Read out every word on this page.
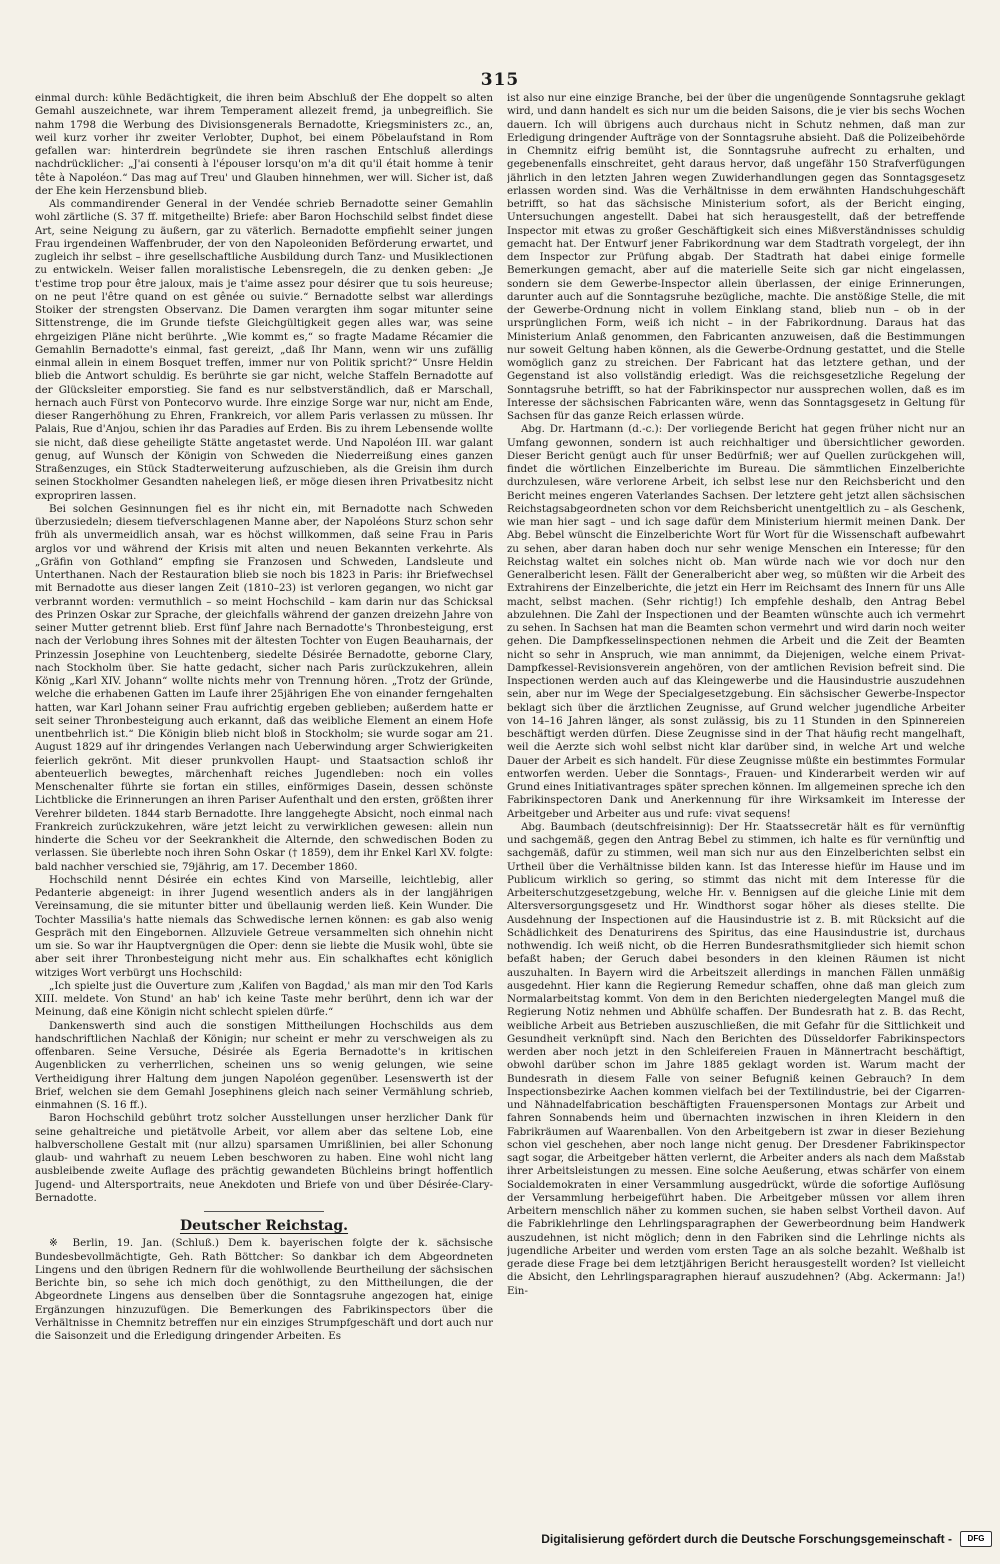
315

einmal durch: kühle Bedächtigkeit, die ihren beim Abschluß der Ehe doppelt so alten Gemahl auszeichnete, war ihrem Temperament allezeit fremd, ja unbegreiflich. Sie nahm 1798 die Werbung des Divisionsgenerals Bernadotte, Kriegsministers zc., an, weil kurz vorher ihr zweiter Verlobter, Duphot, bei einem Pöbelaufstand in Rom gefallen war: hinterdrein begründete sie ihren raschen Entschluß allerdings nachdrücklicher: „J'ai consenti à l'épouser lorsqu'on m'a dit qu'il était homme à tenir tête à Napoléon.“ Das mag auf Treu' und Glauben hinnehmen, wer will. Sicher ist, daß der Ehe kein Herzensbund blieb.

Als commandirender General in der Vendée schrieb Bernadotte seiner Gemahlin wohl zärtliche (S. 37 ff. mitgetheilte) Briefe: aber Baron Hochschild selbst findet diese Art, seine Neigung zu äußern, gar zu väterlich. Bernadotte empfiehlt seiner jungen Frau irgendeinen Waffenbruder, der von den Napoleoniden Beförderung erwartet, und zugleich ihr selbst – ihre gesellschaftliche Ausbildung durch Tanz- und Musiklectionen zu entwickeln. Weiser fallen moralistische Lebensregeln, die zu denken geben: „Je t'estime trop pour être jaloux, mais je t'aime assez pour désirer que tu sois heureuse; on ne peut l'être quand on est gênée ou suivie.“ Bernadotte selbst war allerdings Stoiker der strengsten Observanz. Die Damen verargten ihm sogar mitunter seine Sittenstrenge, die im Grunde tiefste Gleichgültigkeit gegen alles war, was seine ehrgeizigen Pläne nicht berührte. „Wie kommt es,“ so fragte Madame Récamier die Gemahlin Bernadotte's einmal, fast gereizt, „daß Ihr Mann, wenn wir uns zufällig einmal allein in einem Bosquet treffen, immer nur von Politik spricht?“ Unsre Heldin blieb die Antwort schuldig. Es berührte sie gar nicht, welche Staffeln Bernadotte auf der Glücksleiter emporstieg. Sie fand es nur selbstverständlich, daß er Marschall, hernach auch Fürst von Pontecorvo wurde. Ihre einzige Sorge war nur, nicht am Ende, dieser Rangerhöhung zu Ehren, Frankreich, vor allem Paris verlassen zu müssen. Ihr Palais, Rue d'Anjou, schien ihr das Paradies auf Erden. Bis zu ihrem Lebensende wollte sie nicht, daß diese geheiligte Stätte angetastet werde. Und Napoléon III. war galant genug, auf Wunsch der Königin von Schweden die Niederreißung eines ganzen Straßenzuges, ein Stück Stadterweiterung aufzuschieben, als die Greisin ihm durch seinen Stockholmer Gesandten nahelegen ließ, er möge diesen ihren Privatbesitz nicht expropriren lassen.

Bei solchen Gesinnungen fiel es ihr nicht ein, mit Bernadotte nach Schweden überzusiedeln; diesem tiefverschlagenen Manne aber, der Napoléons Sturz schon sehr früh als unvermeidlich ansah, war es höchst willkommen, daß seine Frau in Paris arglos vor und während der Krisis mit alten und neuen Bekannten verkehrte. Als „Gräfin von Gothland“ empfing sie Franzosen und Schweden, Landsleute und Unterthanen. Nach der Restauration blieb sie noch bis 1823 in Paris: ihr Briefwechsel mit Bernadotte aus dieser langen Zeit (1810–23) ist verloren gegangen, wo nicht gar verbrannt worden: vermuthlich – so meint Hochschild – kam darin nur das Schicksal des Prinzen Oskar zur Sprache, der gleichfalls während der ganzen dreizehn Jahre von seiner Mutter getrennt blieb. Erst fünf Jahre nach Bernadotte's Thronbesteigung, erst nach der Verlobung ihres Sohnes mit der ältesten Tochter von Eugen Beauharnais, der Prinzessin Josephine von Leuchtenberg, siedelte Désirée Bernadotte, geborne Clary, nach Stockholm über. Sie hatte gedacht, sicher nach Paris zurückzukehren, allein König „Karl XIV. Johann“ wollte nichts mehr von Trennung hören. „Trotz der Gründe, welche die erhabenen Gatten im Laufe ihrer 25jährigen Ehe von einander ferngehalten hatten, war Karl Johann seiner Frau aufrichtig ergeben geblieben; außerdem hatte er seit seiner Thronbesteigung auch erkannt, daß das weibliche Element an einem Hofe unentbehrlich ist.“ Die Königin blieb nicht bloß in Stockholm; sie wurde sogar am 21. August 1829 auf ihr dringendes Verlangen nach Ueberwindung arger Schwierigkeiten feierlich gekrönt. Mit dieser prunkvollen Haupt- und Staatsaction schloß ihr abenteuerlich bewegtes, märchenhaft reiches Jugendleben: noch ein volles Menschenalter führte sie fortan ein stilles, einförmiges Dasein, dessen schönste Lichtblicke die Erinnerungen an ihren Pariser Aufenthalt und den ersten, größten ihrer Verehrer bildeten. 1844 starb Bernadotte. Ihre langgehegte Absicht, noch einmal nach Frankreich zurückzukehren, wäre jetzt leicht zu verwirklichen gewesen: allein nun hinderte die Scheu vor der Seekrankheit die Alternde, den schwedischen Boden zu verlassen. Sie überlebte noch ihren Sohn Oskar († 1859), dem ihr Enkel Karl XV. folgte: bald nachher verschied sie, 79jährig, am 17. December 1860.

Hochschild nennt Désirée ein echtes Kind von Marseille, leichtlebig, aller Pedanterie abgeneigt: in ihrer Jugend wesentlich anders als in der langjährigen Vereinsamung, die sie mitunter bitter und übellaunig werden ließ. Kein Wunder. Die Tochter Massilia's hatte niemals das Schwedische lernen können: es gab also wenig Gespräch mit den Eingebornen. Allzuviele Getreue versammelten sich ohnehin nicht um sie. So war ihr Hauptvergnügen die Oper: denn sie liebte die Musik wohl, übte sie aber seit ihrer Thronbesteigung nicht mehr aus. Ein schalkhaftes echt königlich witziges Wort verbürgt uns Hochschild:

„Ich spielte just die Ouverture zum ‚Kalifen von Bagdad,' als man mir den Tod Karls XIII. meldete. Von Stund' an hab' ich keine Taste mehr berührt, denn ich war der Meinung, daß eine Königin nicht schlecht spielen dürfe.“

Dankenswerth sind auch die sonstigen Mittheilungen Hochschilds aus dem handschriftlichen Nachlaß der Königin; nur scheint er mehr zu verschweigen als zu offenbaren. Seine Versuche, Désirée als Egeria Bernadotte's in kritischen Augenblicken zu verherrlichen, scheinen uns so wenig gelungen, wie seine Vertheidigung ihrer Haltung dem jungen Napoléon gegenüber. Lesenswerth ist der Brief, welchen sie dem Gemahl Josephinens gleich nach seiner Vermählung schrieb, einmahnen (S. 16 ff.).

Baron Hochschild gebührt trotz solcher Ausstellungen unser herzlicher Dank für seine gehaltreiche und pietätvolle Arbeit, vor allem aber das seltene Lob, eine halbverschollene Gestalt mit (nur allzu) sparsamen Umrißlinien, bei aller Schonung glaub- und wahrhaft zu neuem Leben beschworen zu haben. Eine wohl nicht lang ausbleibende zweite Auflage des prächtig gewandeten Büchleins bringt hoffentlich Jugend- und Altersportraits, neue Anekdoten und Briefe von und über Désirée-Clary-Bernadotte.

Deutscher Reichstag.

※ Berlin, 19. Jan. (Schluß.) Dem k. bayerischen folgte der k. sächsische Bundesbevollmächtigte, Geh. Rath Böttcher: So dankbar ich dem Abgeordneten Lingens und den übrigen Rednern für die wohlwollende Beurtheilung der sächsischen Berichte bin, so sehe ich mich doch genöthigt, zu den Mittheilungen, die der Abgeordnete Lingens aus denselben über die Sonntagsruhe angezogen hat, einige Ergänzungen hinzuzufügen. Die Bemerkungen des Fabrikinspectors über die Verhältnisse in Chemnitz betreffen nur ein einziges Strumpfgeschäft und dort auch nur die Saisonzeit und die Erledigung dringender Arbeiten. Es

ist also nur eine einzige Branche, bei der über die ungenügende Sonntagsruhe geklagt wird, und dann handelt es sich nur um die beiden Saisons, die je vier bis sechs Wochen dauern. Ich will übrigens auch durchaus nicht in Schutz nehmen, daß man zur Erledigung dringender Aufträge von der Sonntagsruhe absieht. Daß die Polizeibehörde in Chemnitz eifrig bemüht ist, die Sonntagsruhe aufrecht zu erhalten, und gegebenenfalls einschreitet, geht daraus hervor, daß ungefähr 150 Strafverfügungen jährlich in den letzten Jahren wegen Zuwiderhandlungen gegen das Sonntagsgesetz erlassen worden sind. Was die Verhältnisse in dem erwähnten Handschuhgeschäft betrifft, so hat das sächsische Ministerium sofort, als der Bericht einging, Untersuchungen angestellt. Dabei hat sich herausgestellt, daß der betreffende Inspector mit etwas zu großer Geschäftigkeit sich eines Mißverständnisses schuldig gemacht hat. Der Entwurf jener Fabrikordnung war dem Stadtrath vorgelegt, der ihn dem Inspector zur Prüfung abgab. Der Stadtrath hat dabei einige formelle Bemerkungen gemacht, aber auf die materielle Seite sich gar nicht eingelassen, sondern sie dem Gewerbe-Inspector allein überlassen, der einige Erinnerungen, darunter auch auf die Sonntagsruhe bezügliche, machte. Die anstößige Stelle, die mit der Gewerbe-Ordnung nicht in vollem Einklang stand, blieb nun – ob in der ursprünglichen Form, weiß ich nicht – in der Fabrikordnung. Daraus hat das Ministerium Anlaß genommen, den Fabricanten anzuweisen, daß die Bestimmungen nur soweit Geltung haben können, als die Gewerbe-Ordnung gestattet, und die Stelle womöglich ganz zu streichen. Der Fabricant hat das letztere gethan, und der Gegenstand ist also vollständig erledigt. Was die reichsgesetzliche Regelung der Sonntagsruhe betrifft, so hat der Fabrikinspector nur aussprechen wollen, daß es im Interesse der sächsischen Fabricanten wäre, wenn das Sonntagsgesetz in Geltung für Sachsen für das ganze Reich erlassen würde.

Abg. Dr. Hartmann (d.-c.): Der vorliegende Bericht hat gegen früher nicht nur an Umfang gewonnen, sondern ist auch reichhaltiger und übersichtlicher geworden. Dieser Bericht genügt auch für unser Bedürfniß; wer auf Quellen zurückgehen will, findet die wörtlichen Einzelberichte im Bureau. Die sämmtlichen Einzelberichte durchzulesen, wäre verlorene Arbeit, ich selbst lese nur den Reichsbericht und den Bericht meines engeren Vaterlandes Sachsen. Der letztere geht jetzt allen sächsischen Reichstagsabgeordneten schon vor dem Reichsbericht unentgeltlich zu – als Geschenk, wie man hier sagt – und ich sage dafür dem Ministerium hiermit meinen Dank. Der Abg. Bebel wünscht die Einzelberichte Wort für Wort für die Wissenschaft aufbewahrt zu sehen, aber daran haben doch nur sehr wenige Menschen ein Interesse; für den Reichstag waltet ein solches nicht ob. Man würde nach wie vor doch nur den Generalbericht lesen. Fällt der Generalbericht aber weg, so müßten wir die Arbeit des Extrahirens der Einzelberichte, die jetzt ein Herr im Reichsamt des Innern für uns Alle macht, selbst machen. (Sehr richtig!) Ich empfehle deshalb, den Antrag Bebel abzulehnen. Die Zahl der Inspectionen und der Beamten wünschte auch ich vermehrt zu sehen. In Sachsen hat man die Beamten schon vermehrt und wird darin noch weiter gehen. Die Dampfkesselinspectionen nehmen die Arbeit und die Zeit der Beamten nicht so sehr in Anspruch, wie man annimmt, da Diejenigen, welche einem Privat-Dampfkessel-Revisionsverein angehören, von der amtlichen Revision befreit sind. Die Inspectionen werden auch auf das Kleingewerbe und die Hausindustrie auszudehnen sein, aber nur im Wege der Specialgesetzgebung. Ein sächsischer Gewerbe-Inspector beklagt sich über die ärztlichen Zeugnisse, auf Grund welcher jugendliche Arbeiter von 14–16 Jahren länger, als sonst zulässig, bis zu 11 Stunden in den Spinnereien beschäftigt werden dürfen. Diese Zeugnisse sind in der That häufig recht mangelhaft, weil die Aerzte sich wohl selbst nicht klar darüber sind, in welche Art und welche Dauer der Arbeit es sich handelt. Für diese Zeugnisse müßte ein bestimmtes Formular entworfen werden. Ueber die Sonntags-, Frauen- und Kinderarbeit werden wir auf Grund eines Initiativantrages später sprechen können. Im allgemeinen spreche ich den Fabrikinspectoren Dank und Anerkennung für ihre Wirksamkeit im Interesse der Arbeitgeber und Arbeiter aus und rufe: vivat sequens!

Abg. Baumbach (deutschfreisinnig): Der Hr. Staatssecretär hält es für vernünftig und sachgemäß, gegen den Antrag Bebel zu stimmen, ich halte es für vernünftig und sachgemäß, dafür zu stimmen, weil man sich nur aus den Einzelberichten selbst ein Urtheil über die Verhältnisse bilden kann. Ist das Interesse hiefür im Hause und im Publicum wirklich so gering, so stimmt das nicht mit dem Interesse für die Arbeiterschutzgesetzgebung, welche Hr. v. Bennigsen auf die gleiche Linie mit dem Altersversorgungsgesetz und Hr. Windthorst sogar höher als dieses stellte. Die Ausdehnung der Inspectionen auf die Hausindustrie ist z. B. mit Rücksicht auf die Schädlichkeit des Denaturirens des Spiritus, das eine Hausindustrie ist, durchaus nothwendig. Ich weiß nicht, ob die Herren Bundesrathsmitglieder sich hiemit schon befaßt haben; der Geruch dabei besonders in den kleinen Räumen ist nicht auszuhalten. In Bayern wird die Arbeitszeit allerdings in manchen Fällen unmäßig ausgedehnt. Hier kann die Regierung Remedur schaffen, ohne daß man gleich zum Normalarbeitstag kommt. Von dem in den Berichten niedergelegten Mangel muß die Regierung Notiz nehmen und Abhülfe schaffen. Der Bundesrath hat z. B. das Recht, weibliche Arbeit aus Betrieben auszuschließen, die mit Gefahr für die Sittlichkeit und Gesundheit verknüpft sind. Nach den Berichten des Düsseldorfer Fabrikinspectors werden aber noch jetzt in den Schleifereien Frauen in Männertracht beschäftigt, obwohl darüber schon im Jahre 1885 geklagt worden ist. Warum macht der Bundesrath in diesem Falle von seiner Befugniß keinen Gebrauch? In dem Inspectionsbezirke Aachen kommen vielfach bei der Textilindustrie, bei der Cigarren- und Nähnadelfabrication beschäftigten Frauenspersonen Montags zur Arbeit und fahren Sonnabends heim und übernachten inzwischen in ihren Kleidern in den Fabrikräumen auf Waarenballen. Von den Arbeitgebern ist zwar in dieser Beziehung schon viel geschehen, aber noch lange nicht genug. Der Dresdener Fabrikinspector sagt sogar, die Arbeitgeber hätten verlernt, die Arbeiter anders als nach dem Maßstab ihrer Arbeitsleistungen zu messen. Eine solche Aeußerung, etwas schärfer von einem Socialdemokraten in einer Versammlung ausgedrückt, würde die sofortige Auflösung der Versammlung herbeigeführt haben. Die Arbeitgeber müssen vor allem ihren Arbeitern menschlich näher zu kommen suchen, sie haben selbst Vortheil davon. Auf die Fabriklehrlinge den Lehrlingsparagraphen der Gewerbeordnung beim Handwerk auszudehnen, ist nicht möglich; denn in den Fabriken sind die Lehrlinge nichts als jugendliche Arbeiter und werden vom ersten Tage an als solche bezahlt. Weßhalb ist gerade diese Frage bei dem letztjährigen Bericht herausgestellt worden? Ist vielleicht die Absicht, den Lehrlingsparagraphen hierauf auszudehnen? (Abg. Ackermann: Ja!) Ein-

Digitalisierung gefördert durch die Deutsche Forschungsgemeinschaft -	DFG
